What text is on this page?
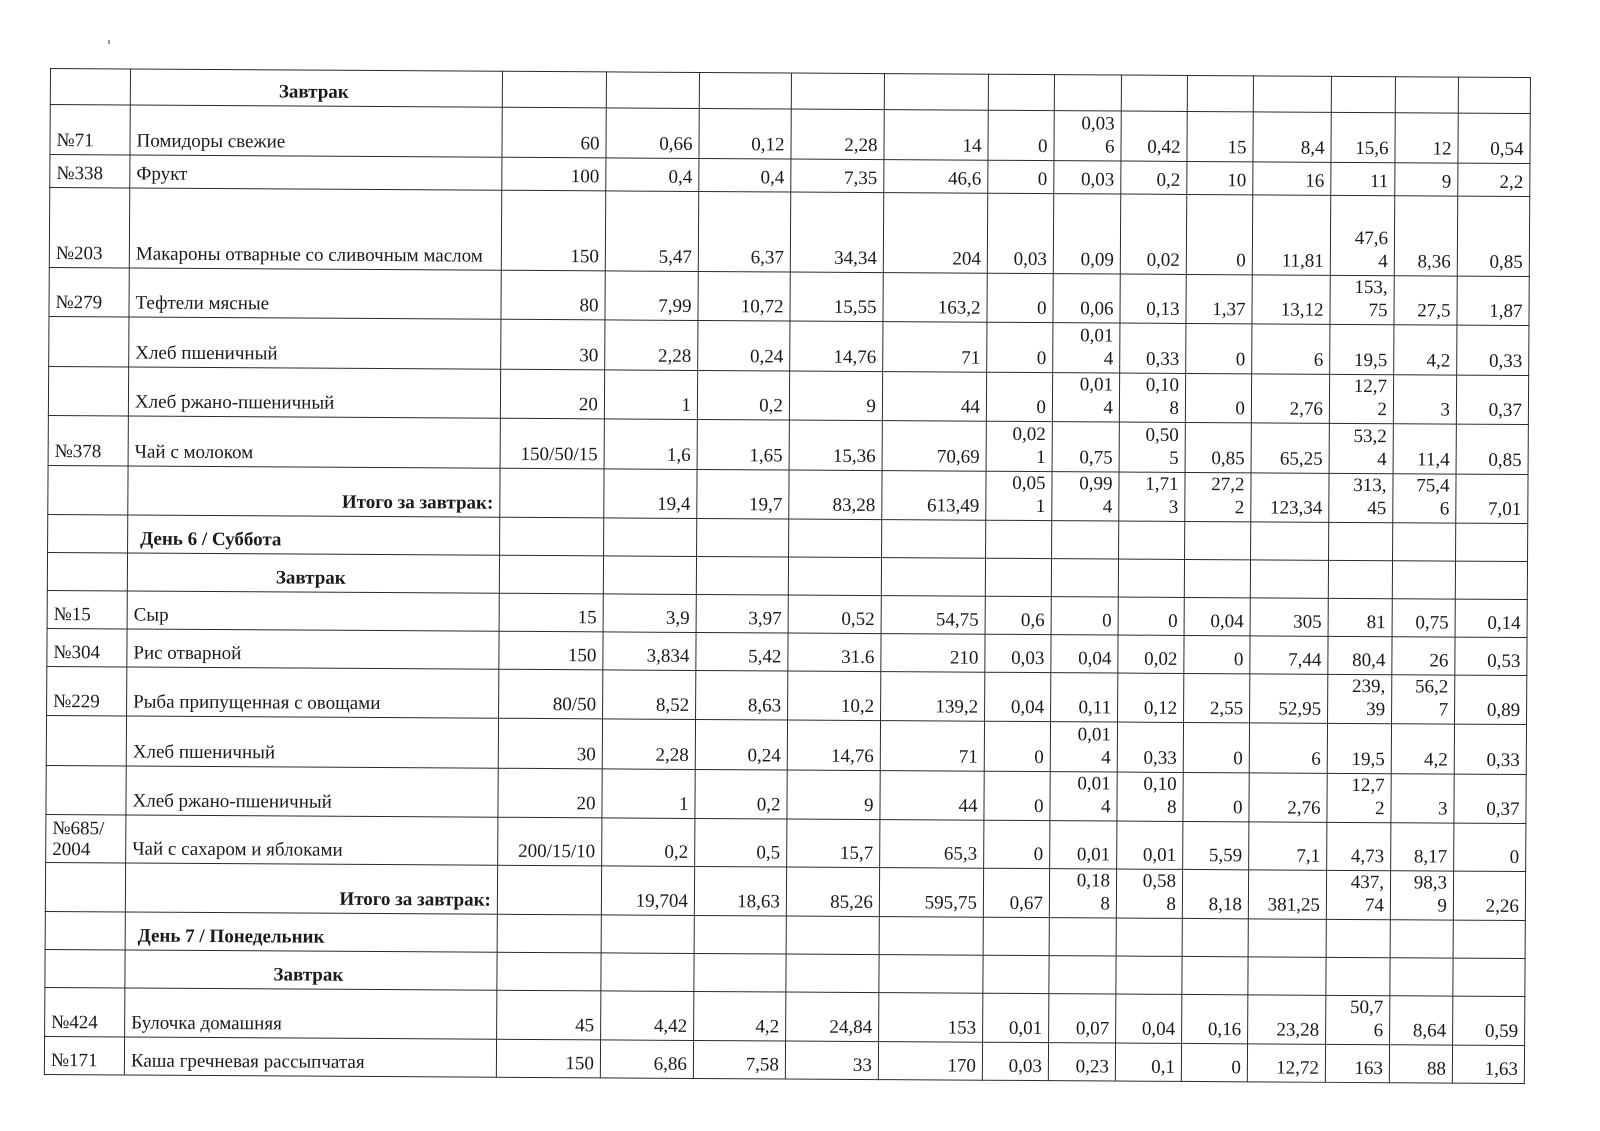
	Завтрак													
№71	Помидоры свежие	60	0,66	0,12	2,28	14	0	0,036	0,42	15	8,4	15,6	12	0,54
№338	Фрукт	100	0,4	0,4	7,35	46,6	0	0,03	0,2	10	16	11	9	2,2
№203	Макароны отварные со сливочным маслом	150	5,47	6,37	34,34	204	0,03	0,09	0,02	0	11,81	47,64	8,36	0,85
№279	Тефтели мясные	80	7,99	10,72	15,55	163,2	0	0,06	0,13	1,37	13,12	153,75	27,5	1,87
	Хлеб пшеничный	30	2,28	0,24	14,76	71	0	0,014	0,33	0	6	19,5	4,2	0,33
	Хлеб ржано-пшеничный	20	1	0,2	9	44	0	0,014	0,108	0	2,76	12,72	3	0,37
№378	Чай с молоком	150/50/15	1,6	1,65	15,36	70,69	0,021	0,75	0,505	0,85	65,25	53,24	11,4	0,85
	Итого за завтрак:		19,4	19,7	83,28	613,49	0,051	0,994	1,713	27,22	123,34	313,45	75,46	7,01
	День 6 / Суббота													
	Завтрак													
№15	Сыр	15	3,9	3,97	0,52	54,75	0,6	0	0	0,04	305	81	0,75	0,14
№304	Рис отварной	150	3,834	5,42	31.6	210	0,03	0,04	0,02	0	7,44	80,4	26	0,53
№229	Рыба припущенная с овощами	80/50	8,52	8,63	10,2	139,2	0,04	0,11	0,12	2,55	52,95	239,39	56,27	0,89
	Хлеб пшеничный	30	2,28	0,24	14,76	71	0	0,014	0,33	0	6	19,5	4,2	0,33
	Хлеб ржано-пшеничный	20	1	0,2	9	44	0	0,014	0,108	0	2,76	12,72	3	0,37
№685/ 2004	Чай с сахаром и яблоками	200/15/10	0,2	0,5	15,7	65,3	0	0,01	0,01	5,59	7,1	4,73	8,17	0
	Итого за завтрак:		19,704	18,63	85,26	595,75	0,67	0,188	0,588	8,18	381,25	437,74	98,39	2,26
	День 7 / Понедельник													
	Завтрак													
№424	Булочка домашняя	45	4,42	4,2	24,84	153	0,01	0,07	0,04	0,16	23,28	50,76	8,64	0,59
№171	Каша гречневая рассыпчатая	150	6,86	7,58	33	170	0,03	0,23	0,1	0	12,72	163	88	1,63
